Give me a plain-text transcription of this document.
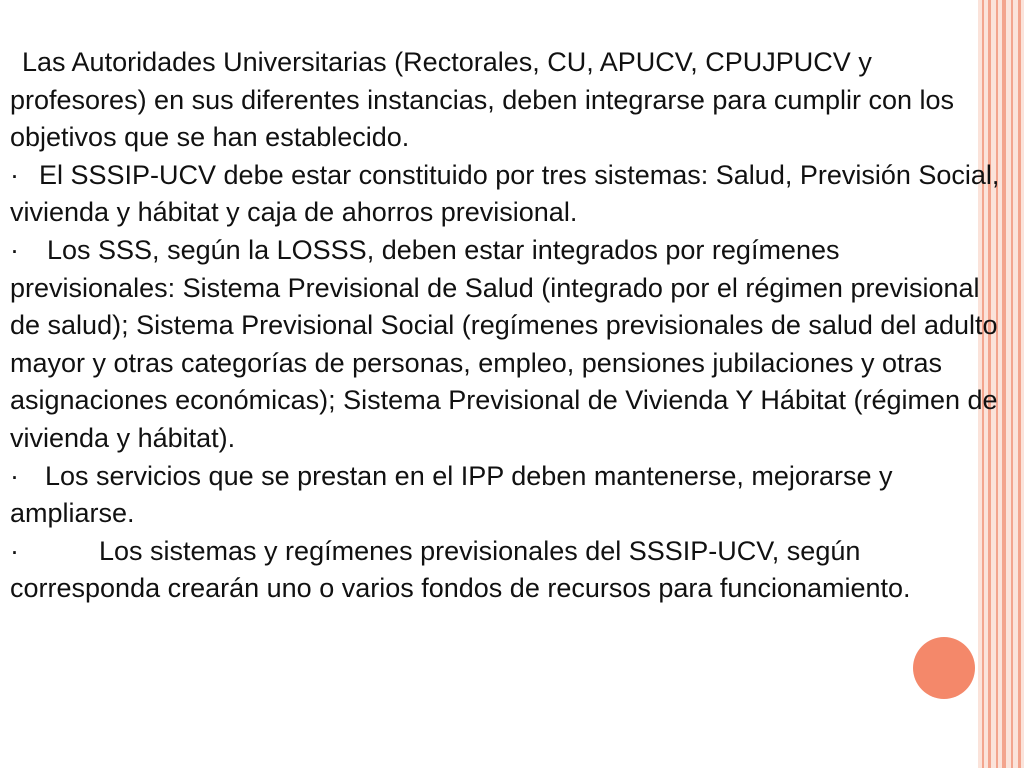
Las Autoridades Universitarias (Rectorales, CU, APUCV, CPUJPUCV y profesores) en sus diferentes instancias, deben integrarse para cumplir con los objetivos que se han establecido.

· El SSSIP-UCV debe estar constituido por tres sistemas: Salud, Previsión Social, vivienda y hábitat y caja de ahorros previsional.

· Los SSS, según la LOSSS, deben estar integrados por regímenes previsionales: Sistema Previsional de Salud (integrado por el régimen previsional de salud); Sistema Previsional Social (regímenes previsionales de salud del adulto mayor y otras categorías de personas, empleo, pensiones jubilaciones y otras asignaciones económicas); Sistema Previsional de Vivienda Y Hábitat (régimen de vivienda y hábitat).

· Los servicios que se prestan en el IPP deben mantenerse, mejorarse y ampliarse.

·	Los sistemas y regímenes previsionales del SSSIP-UCV, según corresponda crearán uno o varios fondos de recursos para funcionamiento.
